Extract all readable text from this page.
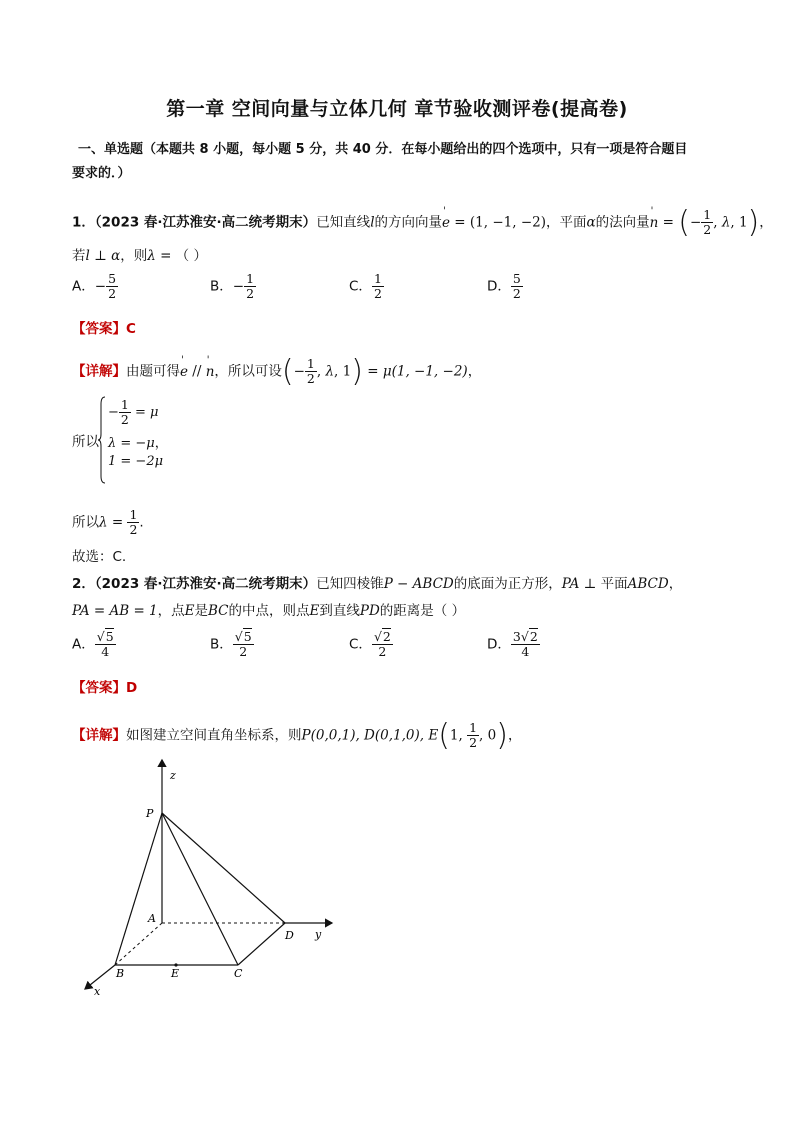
第一章 空间向量与立体几何 章节验收测评卷(提高卷)
一、单选题（本题共 8 小题，每小题 5 分，共 40 分．在每小题给出的四个选项中，只有一项是符合题目
要求的．）
1．（2023 春·江苏淮安·高二统考期末）已知直线l的方向向量' e = (1, −1, −2)，平面α的法向量' n = (− $\frac{1}{2}$ , λ, 1)，
若l ⊥ α，则λ = （ ）
A．− $\frac{5}{2}$	B．− $\frac{1}{2}$	C． $\frac{1}{2}$	D． $\frac{5}{2}$
【答案】C
【详解】由题可得' e // ' n，所以可设(− $\frac{1}{2}$ , λ, 1) = μ(1, −1, −2)，
所以
− $\frac{1}{2} = \mu$
λ = −μ，
1 = −2μ
所以$\lambda = \frac{1}{2}$ .
故选：C.
2．（2023 春·江苏淮安·高二统考期末）已知四棱锥P − ABCD的底面为正方形，PA ⊥ 平面ABCD，
PA = AB = 1，点E是BC的中点，则点E到直线PD的距离是（ ）
A． $\frac{√5}{4}$	B． $\frac{√5}{2}$	C． $\frac{√2}{2}$	D． $\frac{3√2}{4}$
【答案】D
【详解】如图建立空间直角坐标系，则P(0,0,1), D(0,1,0), E(1, $\frac{1}{2}$ , 0)，
z
y
x
P
A
B	E	C
D
